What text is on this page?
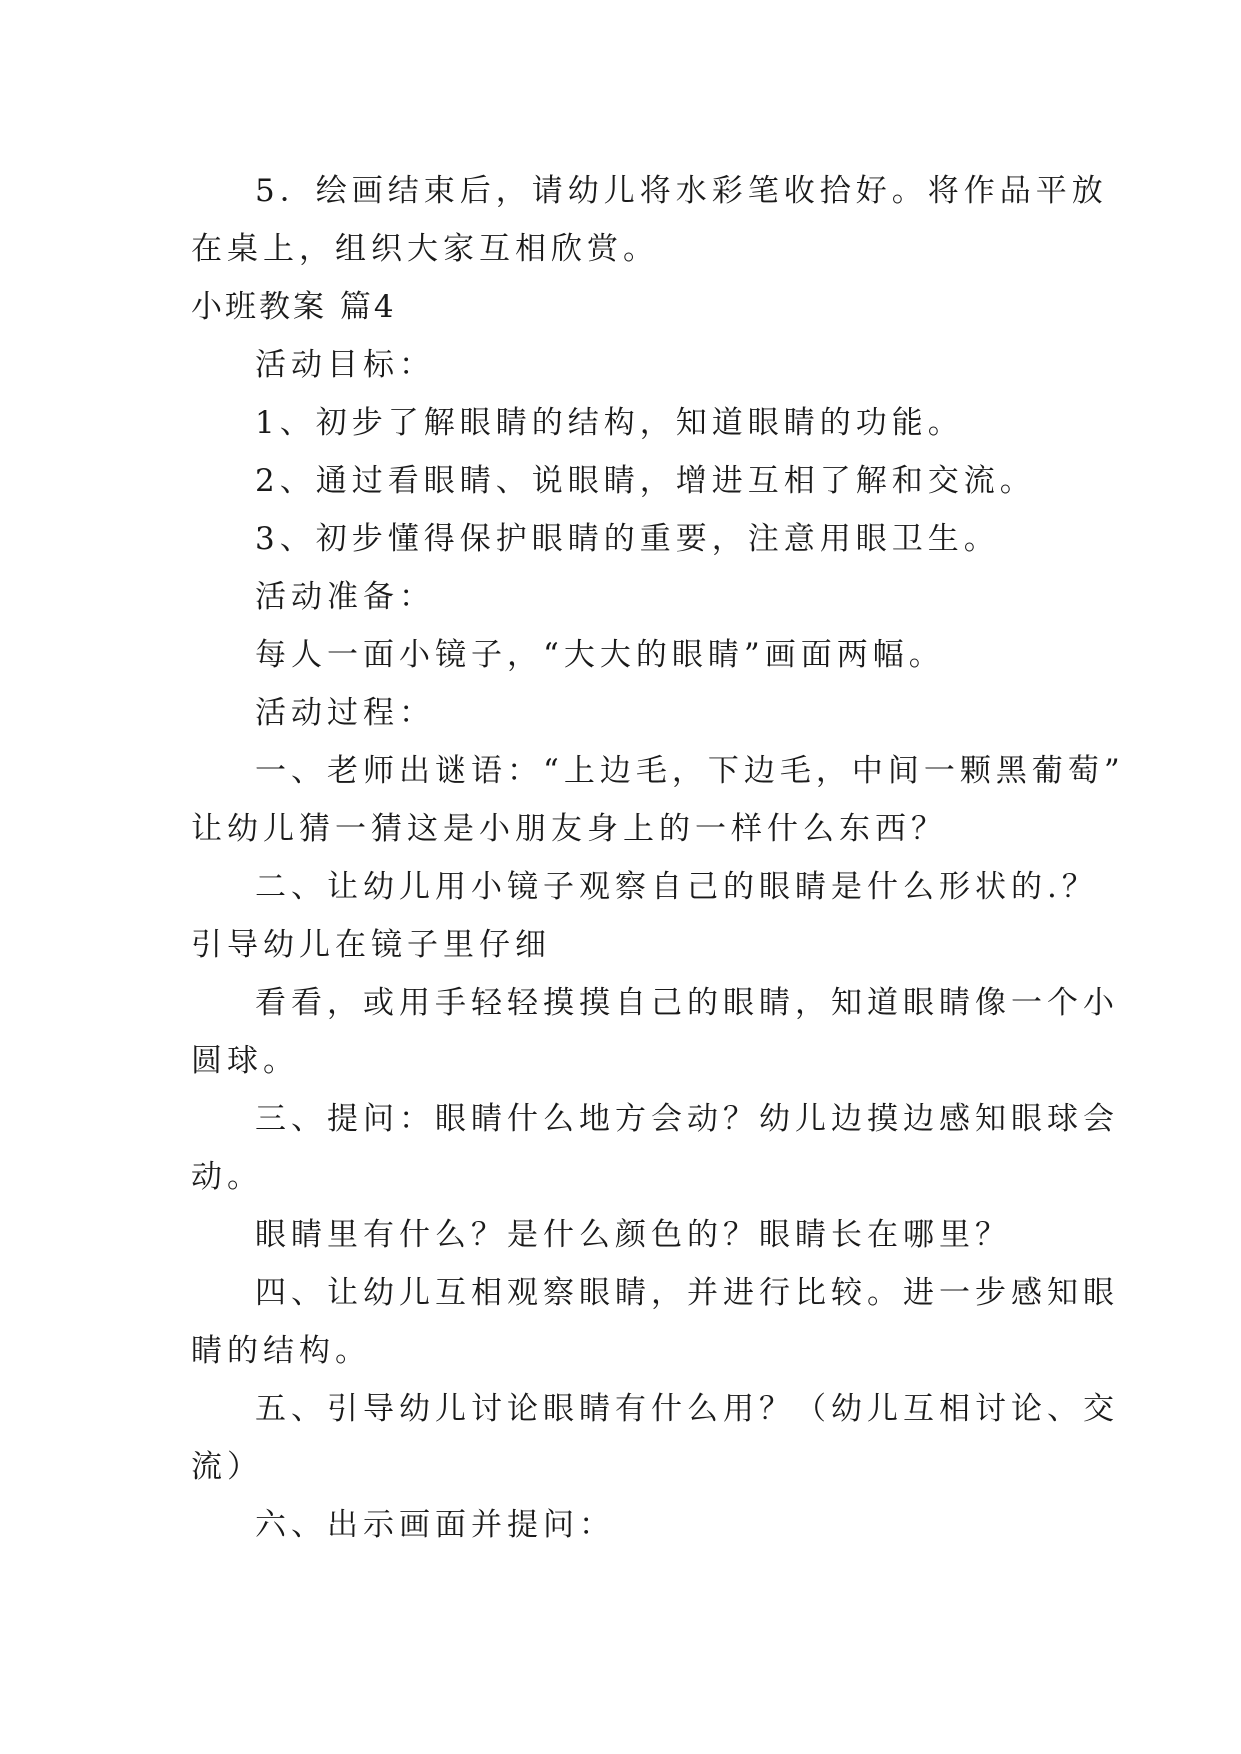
5．绘画结束后，请幼儿将水彩笔收拾好。将作品平放

在桌上，组织大家互相欣赏。

小班教案 篇4

活动目标：

1、初步了解眼睛的结构，知道眼睛的功能。

2、通过看眼睛、说眼睛，增进互相了解和交流。

3、初步懂得保护眼睛的重要，注意用眼卫生。

活动准备：

每人一面小镜子，“大大的眼睛”画面两幅。

活动过程：

一、老师出谜语：“上边毛，下边毛，中间一颗黑葡萄”

让幼儿猜一猜这是小朋友身上的一样什么东西？

二、让幼儿用小镜子观察自己的眼睛是什么形状的.？

引导幼儿在镜子里仔细

看看，或用手轻轻摸摸自己的眼睛，知道眼睛像一个小

圆球。

三、提问：眼睛什么地方会动？幼儿边摸边感知眼球会

动。

眼睛里有什么？是什么颜色的？眼睛长在哪里？

四、让幼儿互相观察眼睛，并进行比较。进一步感知眼

睛的结构。

五、引导幼儿讨论眼睛有什么用？（幼儿互相讨论、交

流）

六、出示画面并提问：
